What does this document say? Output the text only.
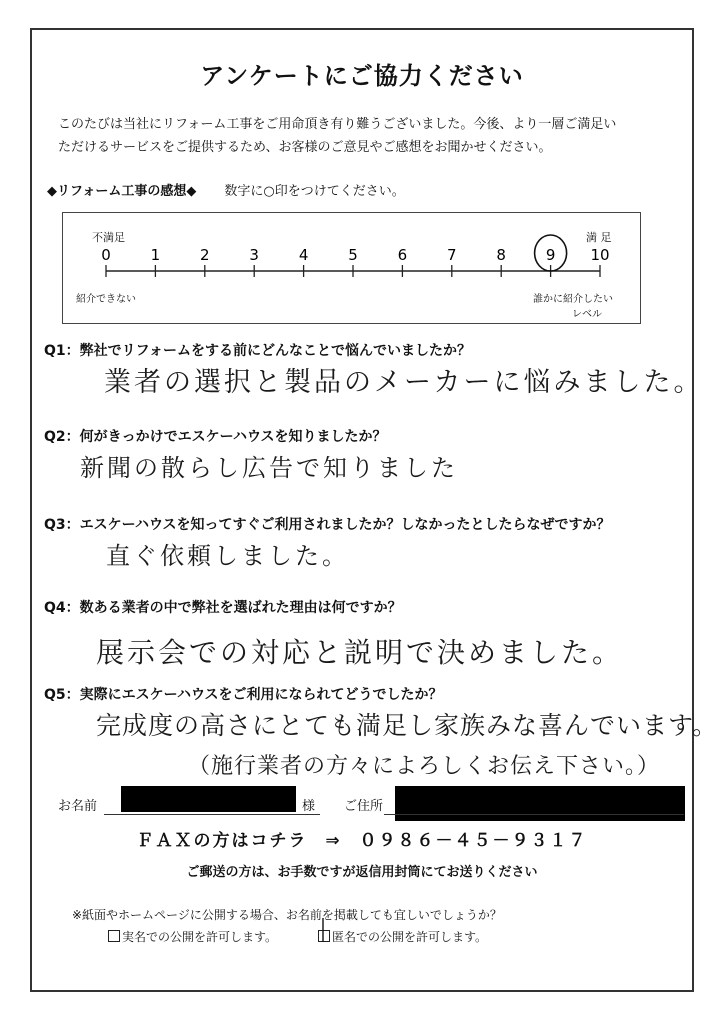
アンケートにご協力ください
このたびは当社にリフォーム工事をご用命頂き有り難うございました。今後、より一層ご満足い
ただけるサービスをご提供するため、お客様のご意見やご感想をお聞かせください。
◆リフォーム工事の感想◆ 数字に○印をつけてください。
0	1	2	3	4	5	6	7	8	9 10
不満足	満 足
紹介できない	誰かに紹介したい
レベル
Q1：弊社でリフォームをする前にどんなことで悩んでいましたか？
業者の選択と製品のメーカーに悩みました。
Q2：何がきっかけでエスケーハウスを知りましたか？
新聞の散らし広告で知りました
Q3：エスケーハウスを知ってすぐご利用されましたか？しなかったとしたらなぜですか？
直ぐ依頼しました。
Q4：数ある業者の中で弊社を選ばれた理由は何ですか？
展示会での対応と説明で決めました。
Q5：実際にエスケーハウスをご利用になられてどうでしたか？
完成度の高さにとても満足し家族みな喜んでいます。
（施行業者の方々によろしくお伝え下さい。）
お名前	様 ご住所
ＦＡＸの方はコチラ ⇒ ０９８６－４５－９３１７
ご郵送の方は、お手数ですが返信用封筒にてお送りください
※紙面やホームページに公開する場合、お名前を掲載しても宜しいでしょうか？
実名での公開を許可します。	匿名での公開を許可します。
